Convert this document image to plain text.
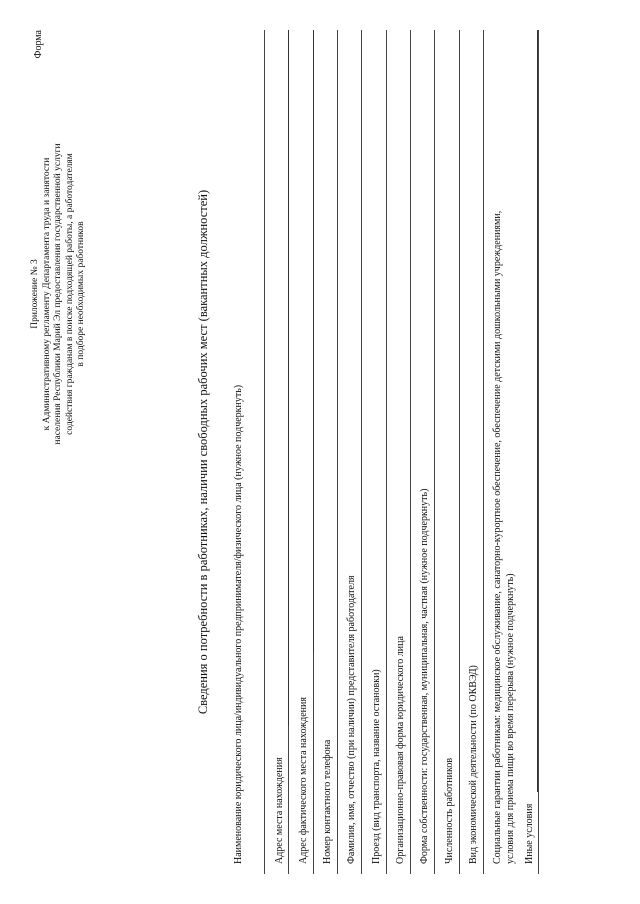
Приложение № 3 к Административному регламенту Департамента труда и занятости населения Республики Марий Эл предоставления государственной услуги содействия гражданам в поиске подходящей работы, а работодателям в подборе необходимых работников
Форма
Сведения о потребности в работниках, наличии свободных рабочих мест (вакантных должностей) Наименование юридического лица/индивидуального предпринимателя/физического лица (нужное подчеркнуть)	Адрес места нахождения Адрес фактического места нахождения Номер контактного телефона Фамилия, имя, отчество (при наличии) представителя работодателя Проезд (вид транспорта, название остановки) Организационно-правовая форма юридического лица Форма собственности: государственная, муниципальная, частная (нужное подчеркнуть) Численность работников Вид экономической деятельности (по ОКВЭД) Социальные гарантии работникам: медицинское обслуживание, санаторно-курортное обеспечение, обеспечение детскими дошкольными учреждениями, условия для приема пищи во время перерыва (нужное подчеркнуть) Иные условия
